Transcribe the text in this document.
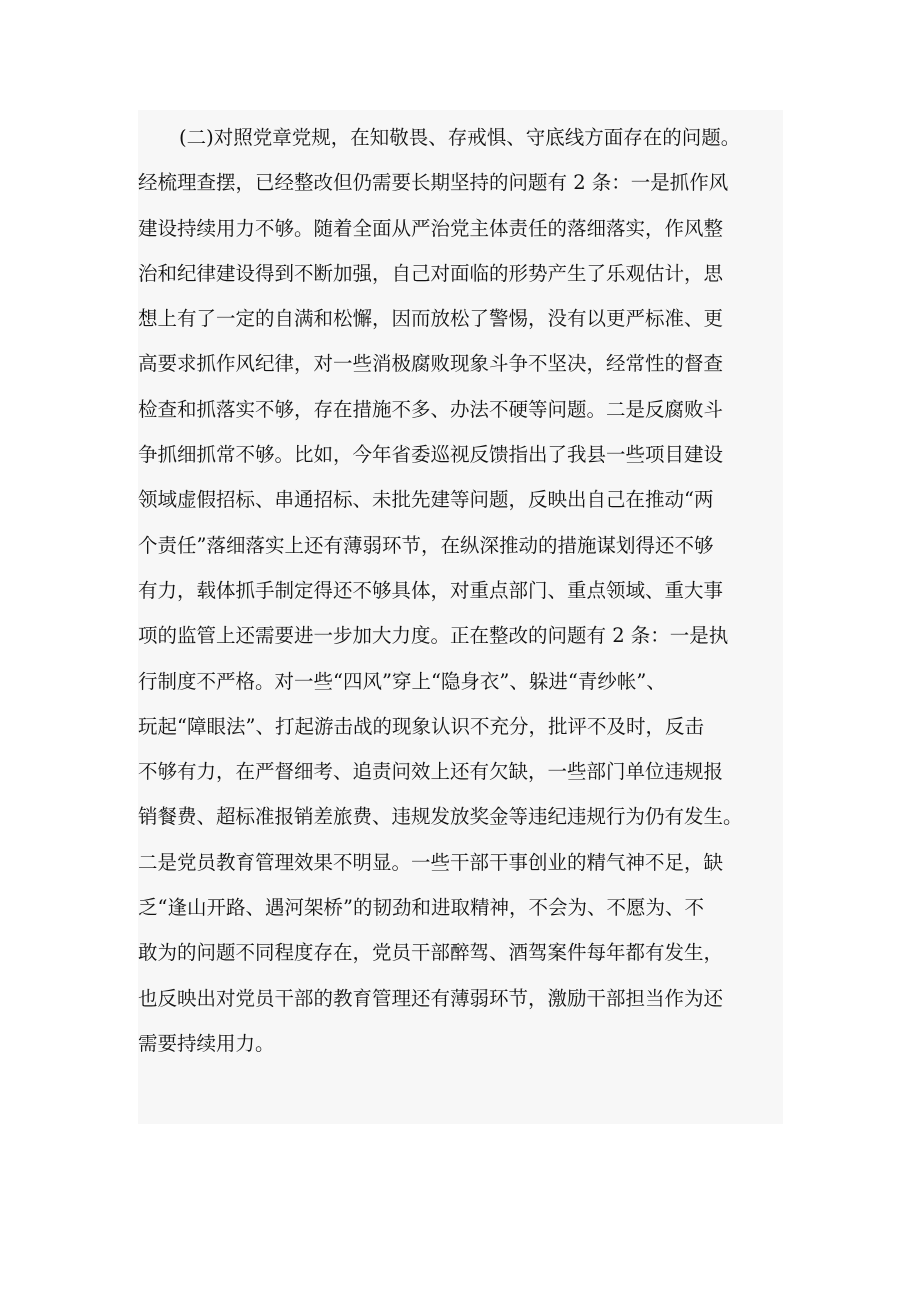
(二)对照党章党规，在知敬畏、存戒惧、守底线方面存在的问题。
经梳理查摆，已经整改但仍需要长期坚持的问题有 2 条：一是抓作风
建设持续用力不够。随着全面从严治党主体责任的落细落实，作风整
治和纪律建设得到不断加强，自己对面临的形势产生了乐观估计，思
想上有了一定的自满和松懈，因而放松了警惕，没有以更严标准、更
高要求抓作风纪律，对一些消极腐败现象斗争不坚决，经常性的督查
检查和抓落实不够，存在措施不多、办法不硬等问题。二是反腐败斗
争抓细抓常不够。比如，今年省委巡视反馈指出了我县一些项目建设
领域虚假招标、串通招标、未批先建等问题，反映出自己在推动“两
个责任”落细落实上还有薄弱环节，在纵深推动的措施谋划得还不够
有力，载体抓手制定得还不够具体，对重点部门、重点领域、重大事
项的监管上还需要进一步加大力度。正在整改的问题有 2 条：一是执
行制度不严格。对一些“四风”穿上“隐身衣”、躲进“青纱帐”、
玩起“障眼法”、打起游击战的现象认识不充分，批评不及时，反击
不够有力，在严督细考、追责问效上还有欠缺，一些部门单位违规报
销餐费、超标准报销差旅费、违规发放奖金等违纪违规行为仍有发生。
二是党员教育管理效果不明显。一些干部干事创业的精气神不足，缺
乏“逢山开路、遇河架桥”的韧劲和进取精神，不会为、不愿为、不
敢为的问题不同程度存在，党员干部醉驾、酒驾案件每年都有发生，
也反映出对党员干部的教育管理还有薄弱环节，激励干部担当作为还
需要持续用力。
